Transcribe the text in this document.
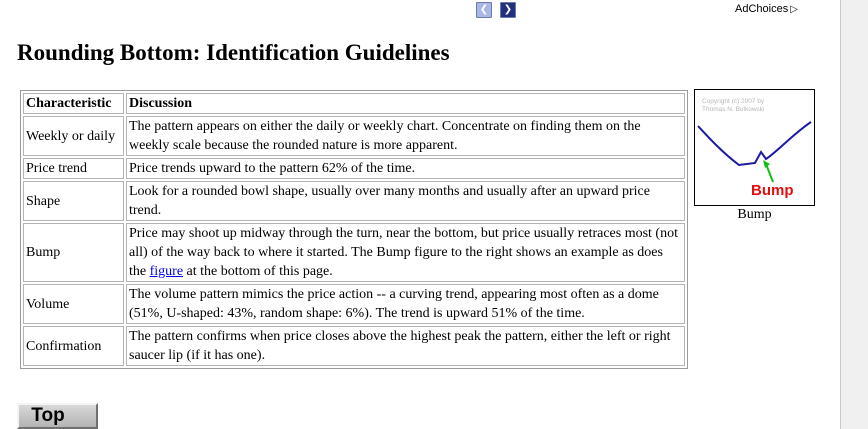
❮ ❯	AdChoices ▷
Rounding Bottom: Identification Guidelines
Characteristic	Discussion
Weekly or daily	The pattern appears on either the daily or weekly chart. Concentrate on finding them on the weekly scale because the rounded nature is more apparent.
Price trend	Price trends upward to the pattern 62% of the time.
Shape	Look for a rounded bowl shape, usually over many months and usually after an upward price trend.
Bump	Price may shoot up midway through the turn, near the bottom, but price usually retraces most (not all) of the way back to where it started. The Bump figure to the right shows an example as does the figure at the bottom of this page.
Volume	The volume pattern mimics the price action -- a curving trend, appearing most often as a dome (51%, U-shaped: 43%, random shape: 6%). The trend is upward 51% of the time.
Confirmation	The pattern confirms when price closes above the highest peak the pattern, either the left or right saucer lip (if it has one).
Copyright (c) 2007 by
Thomas N. Bulkowski
Bump
Bump
Top
